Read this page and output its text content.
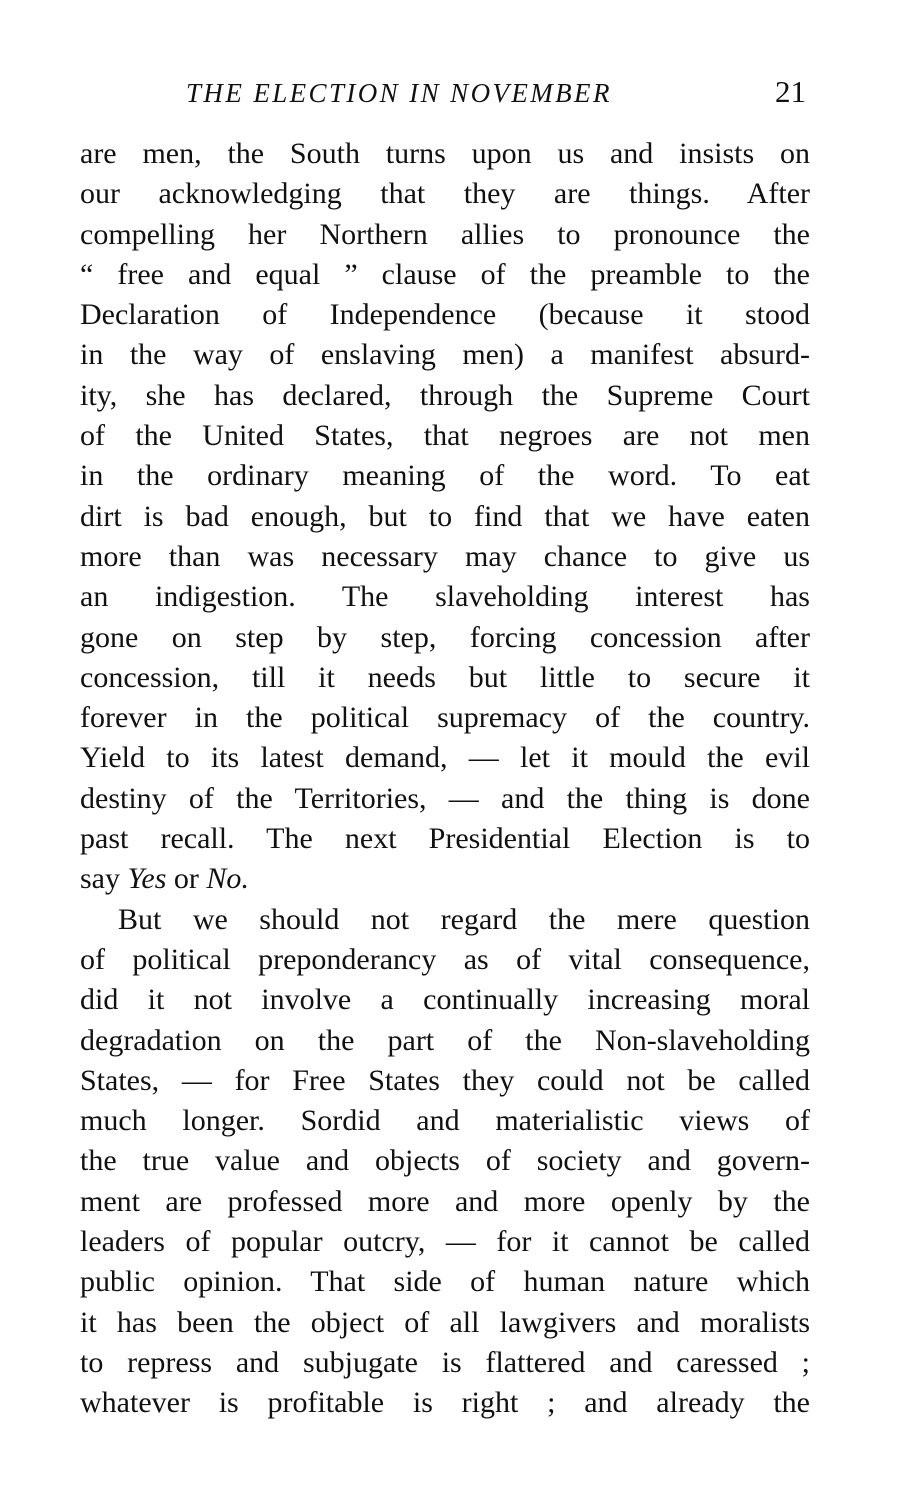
THE ELECTION IN NOVEMBER	21
are men, the South turns upon us and insists on
our acknowledging that they are things. After
compelling her Northern allies to pronounce the
“ free and equal ” clause of the preamble to the
Declaration of Independence (because it stood
in the way of enslaving men) a manifest absurd-
ity, she has declared, through the Supreme Court
of the United States, that negroes are not men
in the ordinary meaning of the word. To eat
dirt is bad enough, but to find that we have eaten
more than was necessary may chance to give us
an indigestion. The slaveholding interest has
gone on step by step, forcing concession after
concession, till it needs but little to secure it
forever in the political supremacy of the country.
Yield to its latest demand, — let it mould the evil
destiny of the Territories, — and the thing is done
past recall. The next Presidential Election is to
say Yes or No.
But we should not regard the mere question
of political preponderancy as of vital consequence,
did it not involve a continually increasing moral
degradation on the part of the Non-slaveholding
States, — for Free States they could not be called
much longer. Sordid and materialistic views of
the true value and objects of society and govern-
ment are professed more and more openly by the
leaders of popular outcry, — for it cannot be called
public opinion. That side of human nature which
it has been the object of all lawgivers and moralists
to repress and subjugate is flattered and caressed ;
whatever is profitable is right ; and already the
